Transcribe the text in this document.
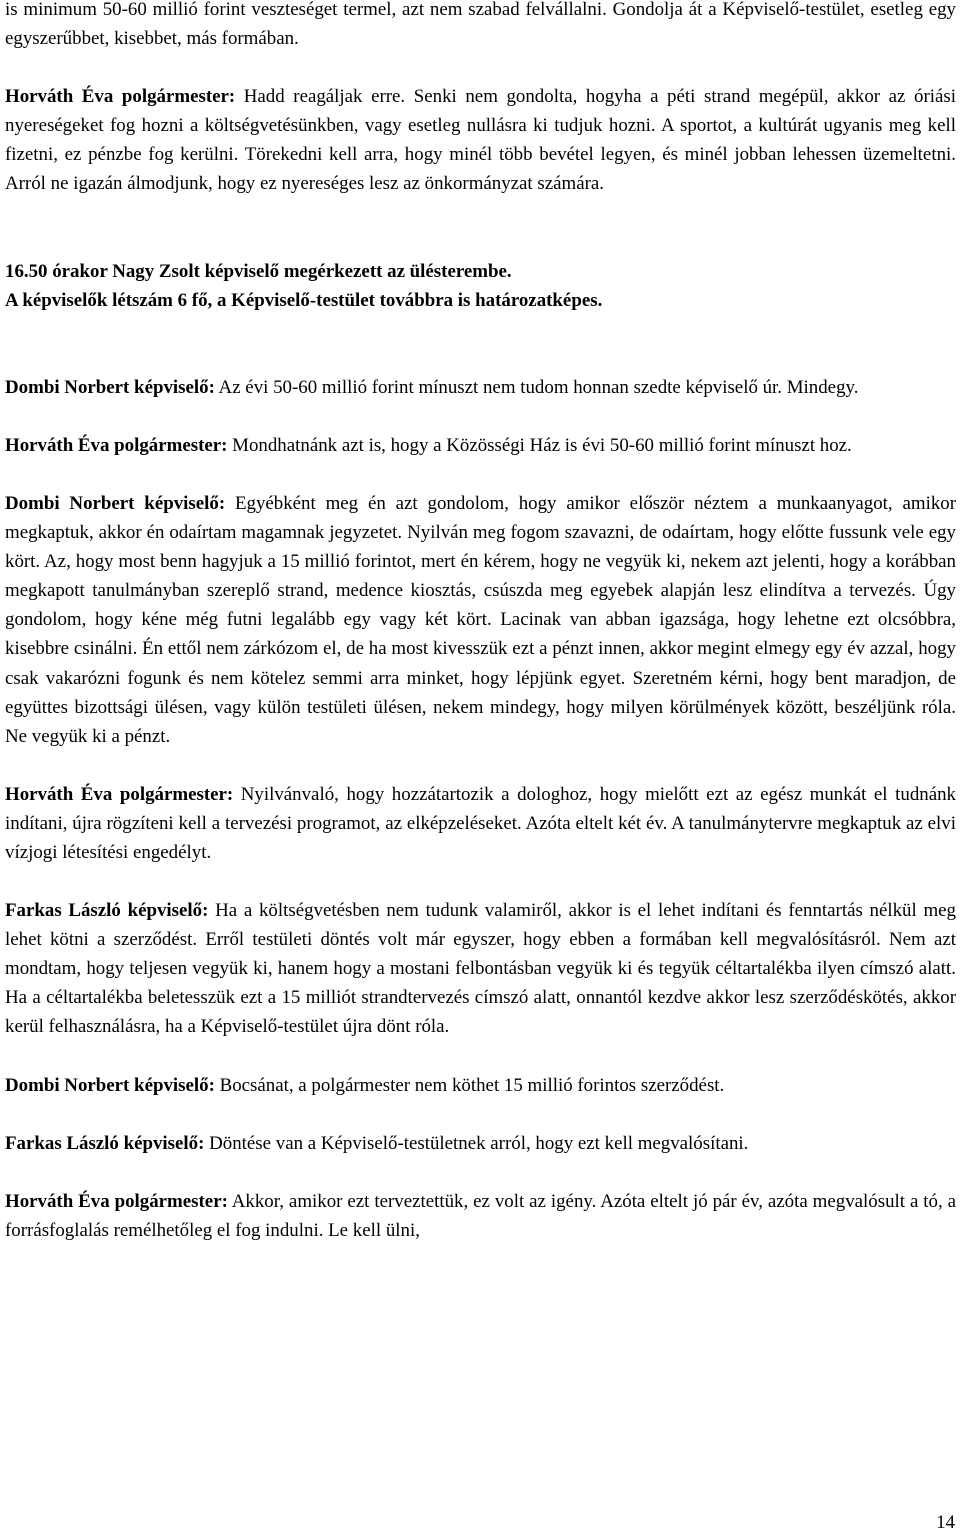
is minimum 50-60 millió forint veszteséget termel, azt nem szabad felvállalni. Gondolja át a Képviselő-testület, esetleg egy egyszerűbbet, kisebbet, más formában.

Horváth Éva polgármester: Hadd reagáljak erre. Senki nem gondolta, hogyha a péti strand megépül, akkor az óriási nyereségeket fog hozni a költségvetésünkben, vagy esetleg nullásra ki tudjuk hozni. A sportot, a kultúrát ugyanis meg kell fizetni, ez pénzbe fog kerülni. Törekedni kell arra, hogy minél több bevétel legyen, és minél jobban lehessen üzemeltetni. Arról ne igazán álmodjunk, hogy ez nyereséges lesz az önkormányzat számára.

16.50 órakor Nagy Zsolt képviselő megérkezett az ülésterembe.
A képviselők létszám 6 fő, a Képviselő-testület továbbra is határozatképes.

Dombi Norbert képviselő: Az évi 50-60 millió forint mínuszt nem tudom honnan szedte képviselő úr. Mindegy.

Horváth Éva polgármester: Mondhatnánk azt is, hogy a Közösségi Ház is évi 50-60 millió forint mínuszt hoz.

Dombi Norbert képviselő: Egyébként meg én azt gondolom, hogy amikor először néztem a munkaanyagot, amikor megkaptuk, akkor én odaírtam magamnak jegyzetet. Nyilván meg fogom szavazni, de odaírtam, hogy előtte fussunk vele egy kört. Az, hogy most benn hagyjuk a 15 millió forintot, mert én kérem, hogy ne vegyük ki, nekem azt jelenti, hogy a korábban megkapott tanulmányban szereplő strand, medence kiosztás, csúszda meg egyebek alapján lesz elindítva a tervezés. Úgy gondolom, hogy kéne még futni legalább egy vagy két kört. Lacinak van abban igazsága, hogy lehetne ezt olcsóbbra, kisebbre csinálni. Én ettől nem zárkózom el, de ha most kivesszük ezt a pénzt innen, akkor megint elmegy egy év azzal, hogy csak vakarózni fogunk és nem kötelez semmi arra minket, hogy lépjünk egyet. Szeretném kérni, hogy bent maradjon, de együttes bizottsági ülésen, vagy külön testületi ülésen, nekem mindegy, hogy milyen körülmények között, beszéljünk róla. Ne vegyük ki a pénzt.

Horváth Éva polgármester: Nyilvánvaló, hogy hozzátartozik a dologhoz, hogy mielőtt ezt az egész munkát el tudnánk indítani, újra rögzíteni kell a tervezési programot, az elképzeléseket. Azóta eltelt két év. A tanulmánytervre megkaptuk az elvi vízjogi létesítési engedélyt.

Farkas László képviselő: Ha a költségvetésben nem tudunk valamiről, akkor is el lehet indítani és fenntartás nélkül meg lehet kötni a szerződést. Erről testületi döntés volt már egyszer, hogy ebben a formában kell megvalósításról. Nem azt mondtam, hogy teljesen vegyük ki, hanem hogy a mostani felbontásban vegyük ki és tegyük céltartalékba ilyen címszó alatt. Ha a céltartalékba beletesszük ezt a 15 milliót strandtervezés címszó alatt, onnantól kezdve akkor lesz szerződéskötés, akkor kerül felhasználásra, ha a Képviselő-testület újra dönt róla.

Dombi Norbert képviselő: Bocsánat, a polgármester nem köthet 15 millió forintos szerződést.

Farkas László képviselő: Döntése van a Képviselő-testületnek arról, hogy ezt kell megvalósítani.

Horváth Éva polgármester: Akkor, amikor ezt terveztettük, ez volt az igény. Azóta eltelt jó pár év, azóta megvalósult a tó, a forrásfoglalás remélhetőleg el fog indulni. Le kell ülni,

14
